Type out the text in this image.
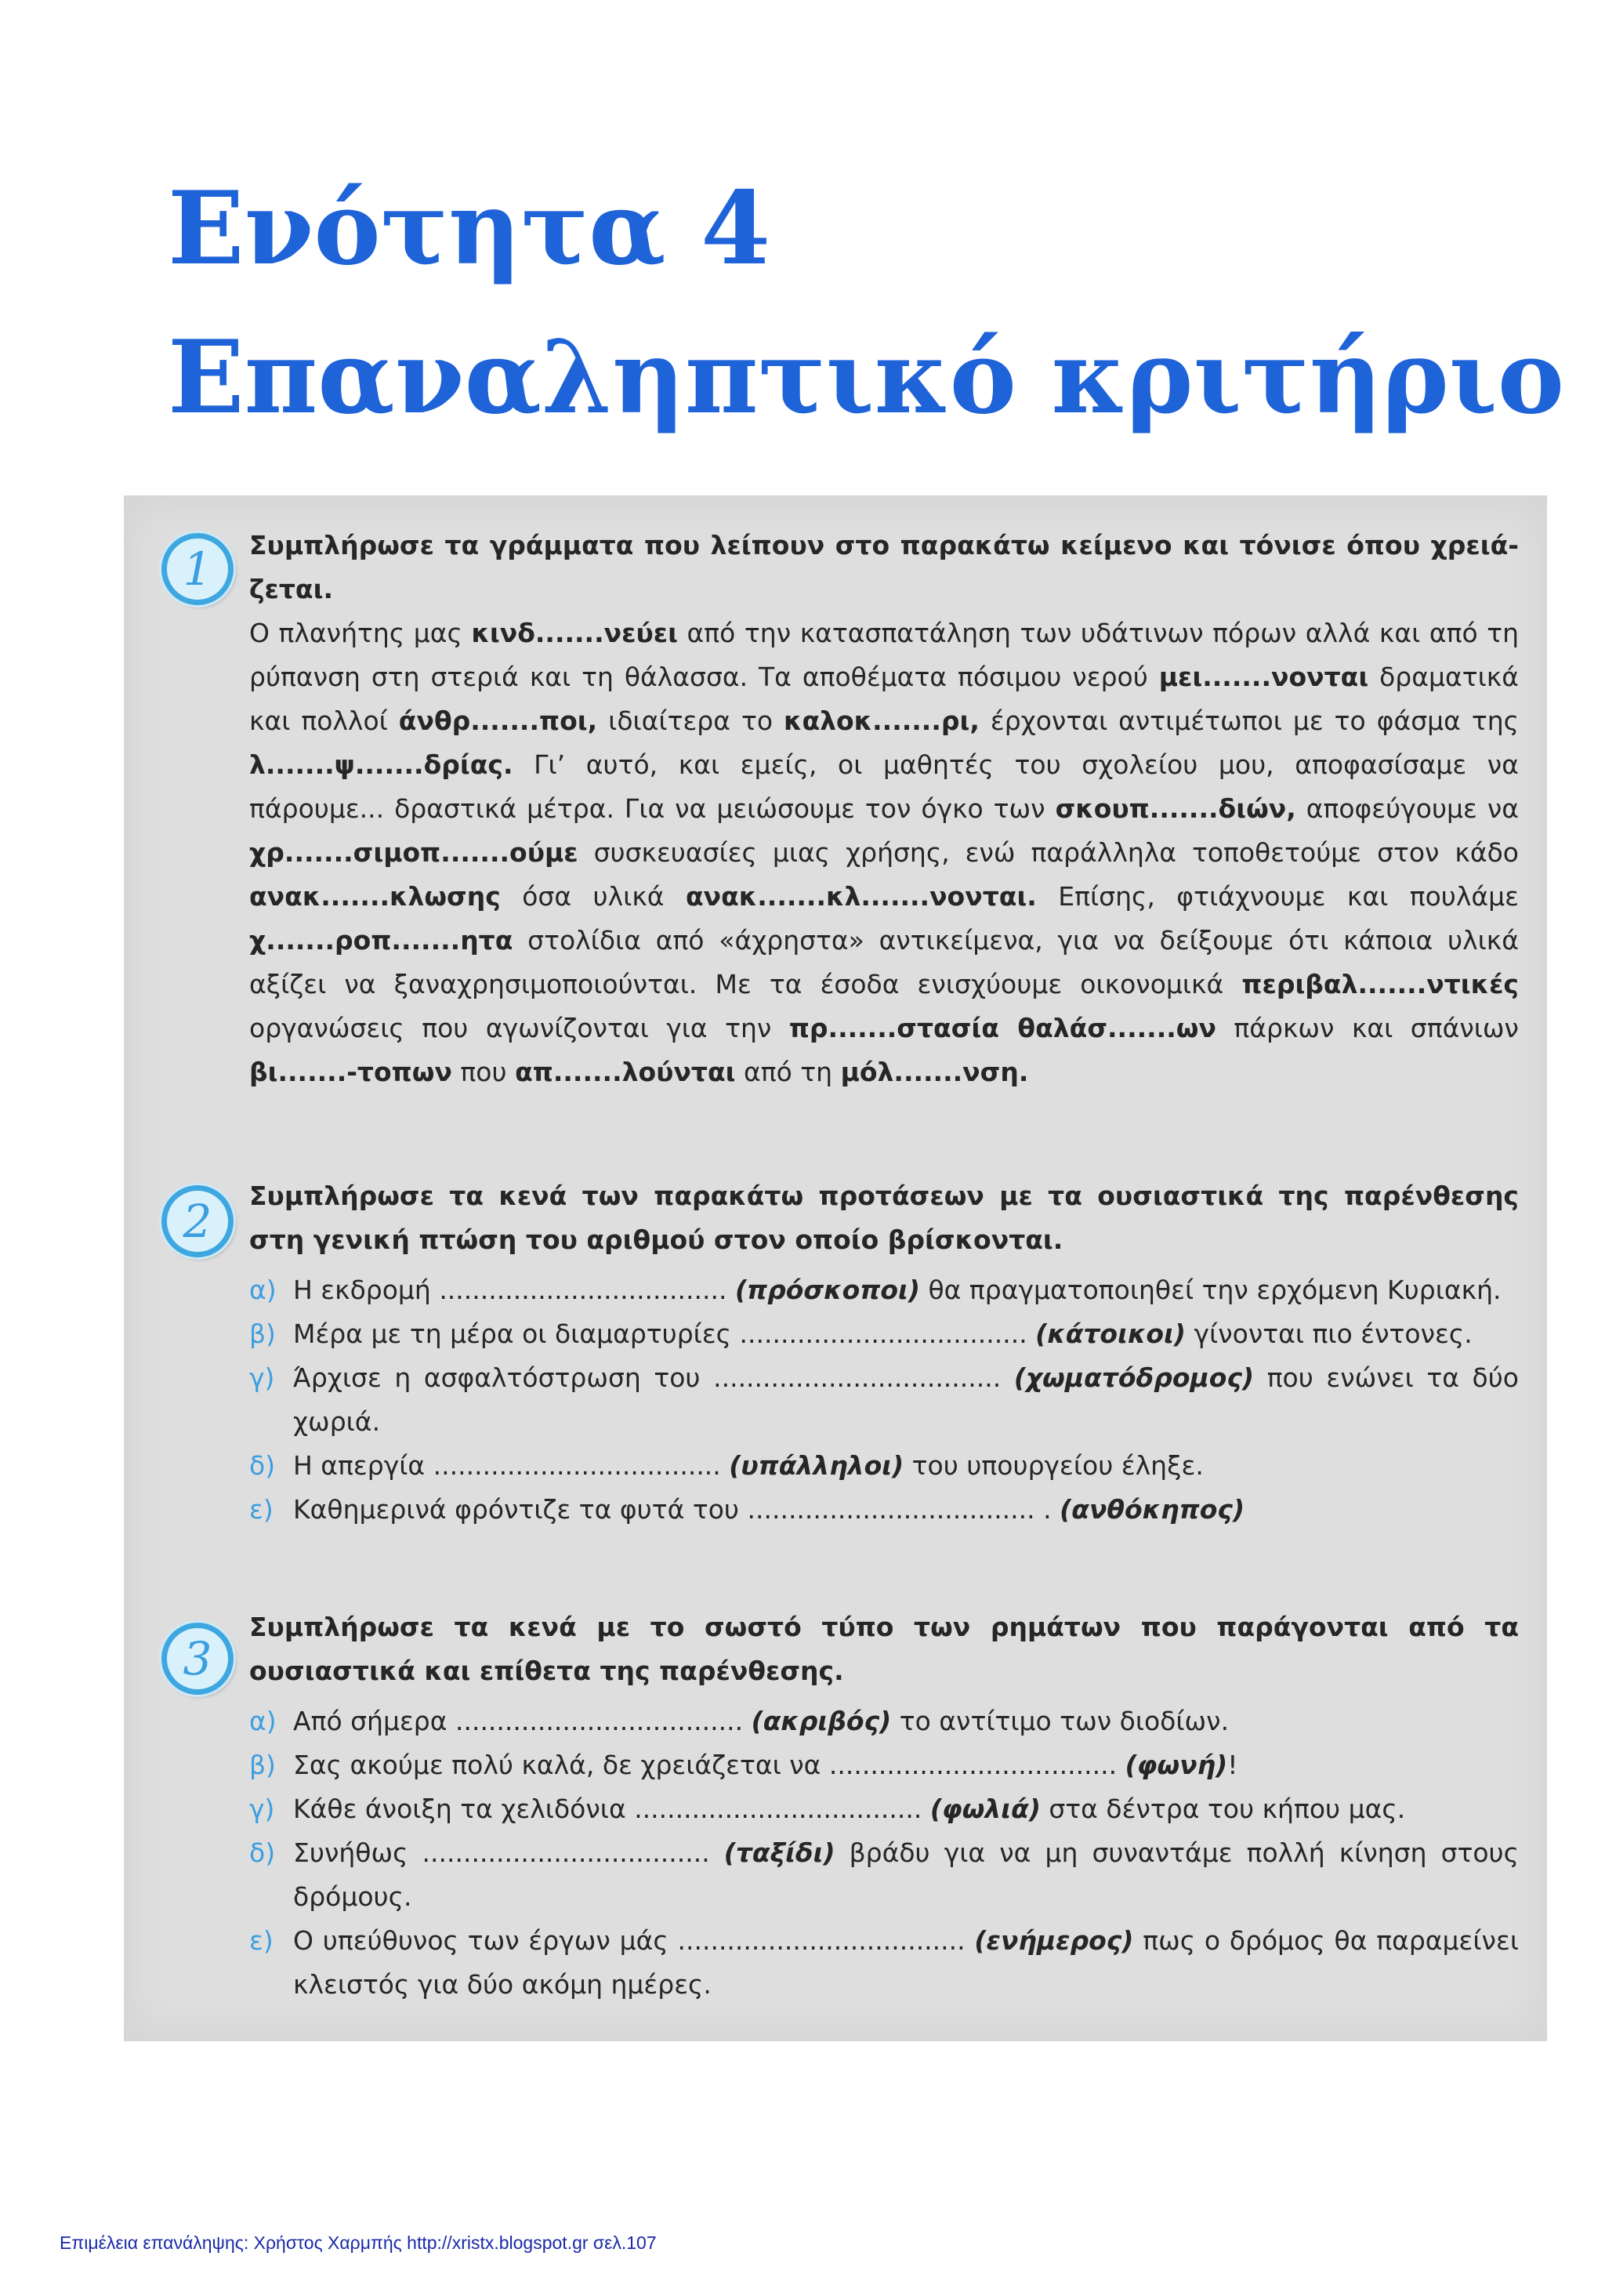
Ενότητα 4
Επαναληπτικό κριτήριο
1	Συμπλήρωσε τα γράμματα που λείπουν στο παρακάτω κείμενο και τόνισε όπου χρειά-ζεται.

Ο πλανήτης μας κινδ.......νεύει από την κατασπατάληση των υδάτινων πόρων αλλά και από τη ρύπανση στη στεριά και τη θάλασσα. Τα αποθέματα πόσιμου νερού μει.......νονται δραματικά και πολλοί άνθρ.......ποι, ιδιαίτερα το καλοκ.......ρι, έρχονται αντιμέτωποι με το φάσμα της λ.......ψ.......δρίας. Γι’ αυτό, και εμείς, οι μαθητές του σχολείου μου, αποφασίσαμε να πάρουμε... δραστικά μέτρα. Για να μειώσουμε τον όγκο των σκουπ.......διών, αποφεύγουμε να χρ.......σιμοπ.......ούμε συσκευασίες μιας χρήσης, ενώ παράλληλα τοποθετούμε στον κάδο ανακ.......κλωσης όσα υλικά ανακ.......κλ.......νονται. Επίσης, φτιάχνουμε και πουλάμε χ.......ροπ.......ητα στολίδια από «άχρηστα» αντικείμενα, για να δείξουμε ότι κάποια υλικά αξίζει να ξαναχρησιμοποιούνται. Με τα έσοδα ενισχύουμε οικονομικά περιβαλ.......ντικές οργανώσεις που αγωνίζονται για την πρ.......στασία θαλάσ.......ων πάρκων και σπάνιων βι.......-τοπων που απ.......λούνται από τη μόλ.......νση.

2	Συμπλήρωσε τα κενά των παρακάτω προτάσεων με τα ουσιαστικά της παρένθεσης στη γενική πτώση του αριθμού στον οποίο βρίσκονται.

α) Η εκδρομή ................................... (πρόσκοποι) θα πραγματοποιηθεί την ερχόμενη Κυριακή.
β) Μέρα με τη μέρα οι διαμαρτυρίες ................................... (κάτοικοι) γίνονται πιο έντονες.
γ) Άρχισε η ασφαλτόστρωση του ................................... (χωματόδρομος) που ενώνει τα δύο χωριά.
δ) Η απεργία ................................... (υπάλληλοι) του υπουργείου έληξε.
ε) Καθημερινά φρόντιζε τα φυτά του ................................... . (ανθόκηπος)
3

Συμπλήρωσε τα κενά με το σωστό τύπο των ρημάτων που παράγονται από τα ουσιαστικά και επίθετα της παρένθεσης.

α) Από σήμερα ................................... (ακριβός) το αντίτιμο των διοδίων.
β) Σας ακούμε πολύ καλά, δε χρειάζεται να ................................... (φωνή)!
γ) Κάθε άνοιξη τα χελιδόνια ................................... (φωλιά) στα δέντρα του κήπου μας.
δ) Συνήθως ................................... (ταξίδι) βράδυ για να μη συναντάμε πολλή κίνηση στους δρόμους.
ε) Ο υπεύθυνος των έργων μάς ................................... (ενήμερος) πως ο δρόμος θα παραμείνει κλειστός για δύο ακόμη ημέρες.
Επιμέλεια επανάληψης: Χρήστος Χαρμπής http://xristx.blogspot.gr σελ.107
